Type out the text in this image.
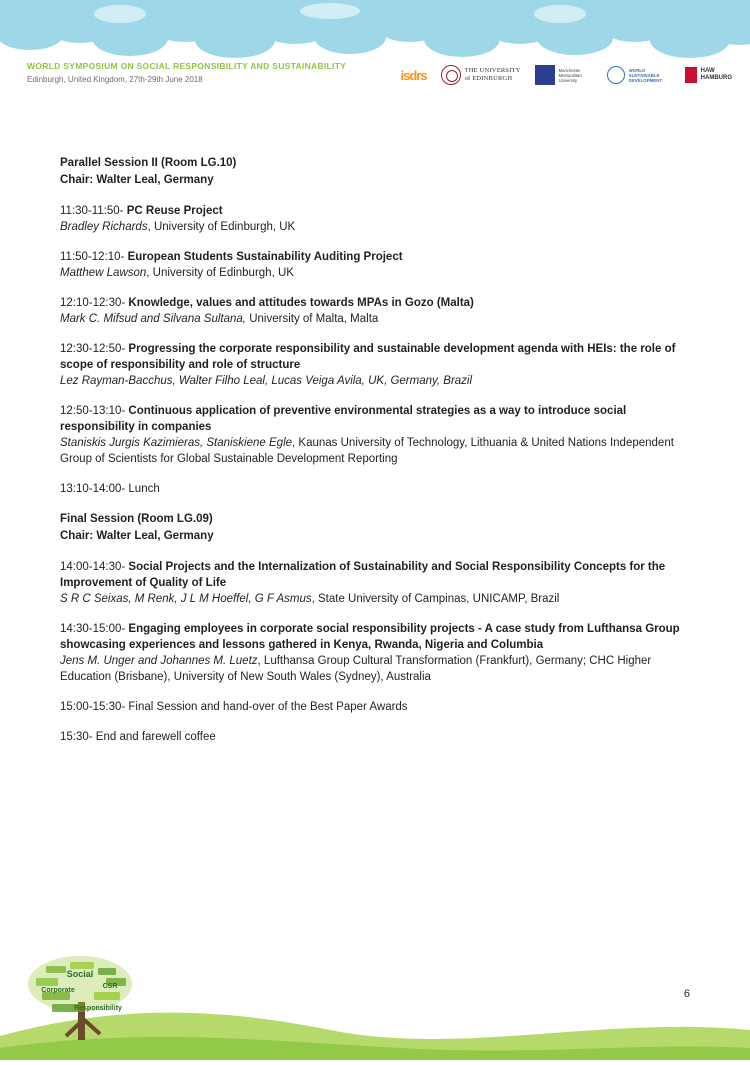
WORLD SYMPOSIUM ON SOCIAL RESPONSIBILITY AND SUSTAINABILITY

Edinburgh, United Kingdom, 27th-29th June 2018	isdrs	THE UNIVERSITY
of EDINBURGH
Manchester Metropolitan University
WORLD SUSTAINABLE DEVELOPMENT
HAW
HAMBURG
Parallel Session II (Room LG.10)
Chair: Walter Leal, Germany
11:30-11:50- PC Reuse Project
Bradley Richards, University of Edinburgh, UK
11:50-12:10- European Students Sustainability Auditing Project
Matthew Lawson, University of Edinburgh, UK
12:10-12:30- Knowledge, values and attitudes towards MPAs in Gozo (Malta)
Mark C. Mifsud and Silvana Sultana, University of Malta, Malta
12:30-12:50- Progressing the corporate responsibility and sustainable development agenda with HEIs: the role of scope of responsibility and role of structure
Lez Rayman-Bacchus, Walter Filho Leal, Lucas Veiga Avila, UK, Germany, Brazil
12:50-13:10- Continuous application of preventive environmental strategies as a way to introduce social responsibility in companies
Staniskis Jurgis Kazimieras, Staniskiene Egle, Kaunas University of Technology, Lithuania & United Nations Independent Group of Scientists for Global Sustainable Development Reporting
13:10-14:00- Lunch
Final Session (Room LG.09)
Chair: Walter Leal, Germany
14:00-14:30- Social Projects and the Internalization of Sustainability and Social Responsibility Concepts for the Improvement of Quality of Life
S R C Seixas, M Renk, J L M Hoeffel, G F Asmus, State University of Campinas, UNICAMP, Brazil
14:30-15:00- Engaging employees in corporate social responsibility projects - A case study from Lufthansa Group showcasing experiences and lessons gathered in Kenya, Rwanda, Nigeria and Columbia
Jens M. Unger and Johannes M. Luetz, Lufthansa Group Cultural Transformation (Frankfurt), Germany; CHC Higher Education (Brisbane), University of New South Wales (Sydney), Australia
15:00-15:30- Final Session and hand-over of the Best Paper Awards
15:30- End and farewell coffee
6
Social
Corporate
CSR
Responsibility
